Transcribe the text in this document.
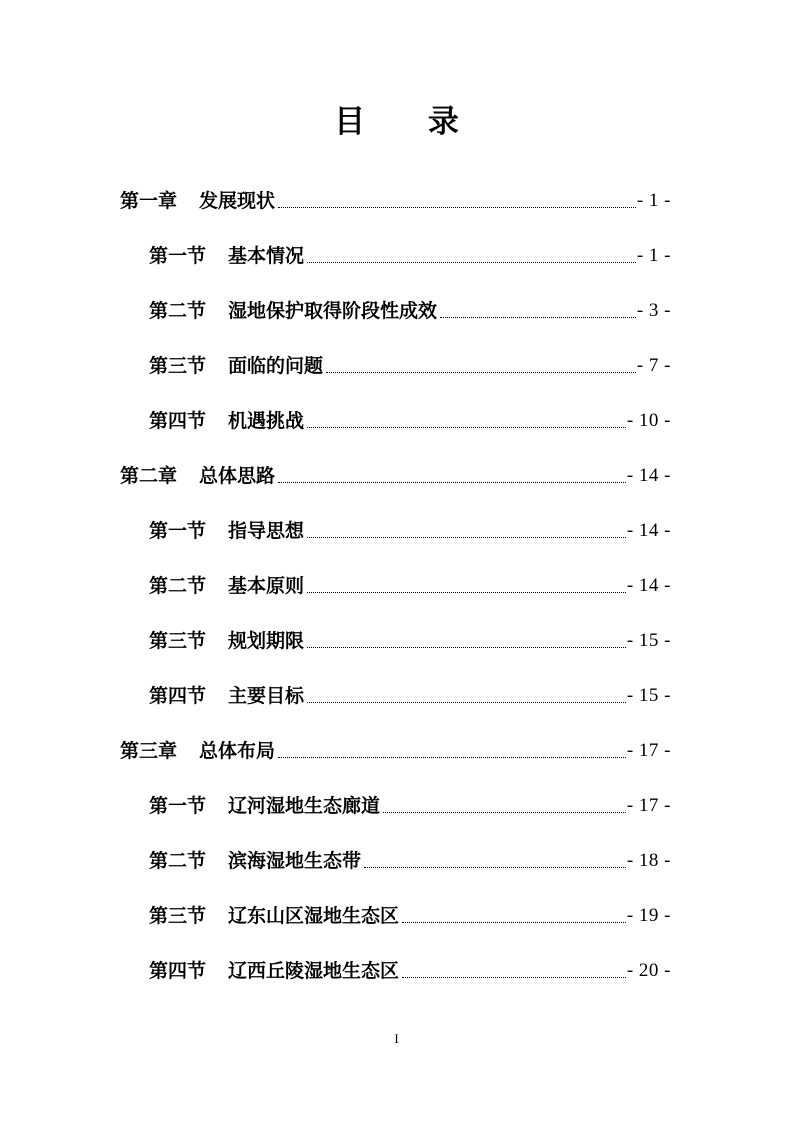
目 录
第一章 发展现状	- 1 -
第一节 基本情况	- 1 -
第二节 湿地保护取得阶段性成效	- 3 -
第三节 面临的问题	- 7 -
第四节 机遇挑战	- 10 -
第二章 总体思路	- 14 -
第一节 指导思想	- 14 -
第二节 基本原则	- 14 -
第三节 规划期限	- 15 -
第四节 主要目标	- 15 -
第三章 总体布局	- 17 -
第一节 辽河湿地生态廊道	- 17 -
第二节 滨海湿地生态带	- 18 -
第三节 辽东山区湿地生态区	- 19 -
第四节 辽西丘陵湿地生态区	- 20 -
I
